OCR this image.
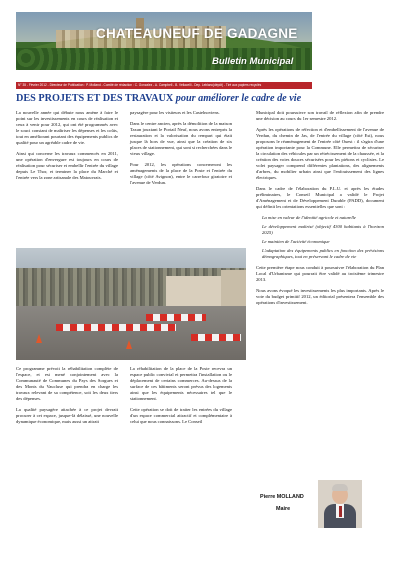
CHATEAUNEUF DE GADAGNE
Bulletin Municipal
N° 35 - Février 2012 - Directeur de Publication : P. Molland - Comité de rédaction : C. Gonzalez - A. Campbell - B. Veilacelli - Dep. Leblanc(dépôt) - Tiré aux papiers recyclés
DES PROJETS ET DES TRAVAUX pour améliorer le cadre de vie

La nouvelle année qui débute nous amène à faire le point sur les investissements en cours de réalisation et ceux à venir pour 2012, qui ont été programmés avec le souci constant de maîtriser les dépenses et les coûts, tout en améliorant pourtant des équipements publics de qualité pour un agréable cadre de vie.

Ainsi qui concerne les travaux commencés en 2011, une opération d'envergure est toujours en cours de réalisation pour sécuriser et embellir l'entrée du village depuis Le Thor, et terminer la place du Marché et l'entrée vers la zone artisanale des Matouvrais.

paysagère pour les visiteurs et les Castelnoviens.

Dans le centre ancien, après la démolition de la maison Taxan jouxtant le Portail Neuf, nous avons entrepris la restauration et la valorisation du rempart qui était jusque là hors de vue, ainsi que la création de six places de stationnement, qui sont si recherchées dans le vieux village.

Pour 2012, les opérations concerneront les aménagements de la place de la Poste et l'entrée du village (côté Avignon), entre le carrefour giratoire et l'avenue de Verdun.

Municipal doit poursuivre son travail de réflexion afin de prendre une décision au cours du 1er semestre 2012.

Après les opérations de réfection et d'embellissement de l'avenue de Verdun, du chemin de Jas, de l'entrée du village (côté Est), nous proposons le réaménagement de l'entrée côté Ouest : il s'agira d'une opération importante pour la Commune. Elle permettra de sécuriser la circulation des véhicules par un rétrécissement de la chaussée, et la création des voies douces sécurisées pour les piétons et cyclistes. Le volet paysager comprend différentes plantations, des alignements d'arbres, du mobilier urbain ainsi que l'enfouissement des lignes électriques.

Dans le cadre de l'élaboration du P.L.U. et après les études préliminaires, le Conseil Municipal a validé le Projet d'Aménagement et de Développement Durable (PADD), document qui définit les orientations essentielles que sont :

La mise en valeur de l'identité agricole et naturelle

Le développement maîtrisé (objectif 4300 habitants à l'horizon 2025)

Le maintien de l'activité économique

L'adaptation des équipements publics en fonction des prévisions démographiques, tout en préservant le cadre de vie

Cette première étape nous conduit à poursuivre l'élaboration du Plan Local d'Urbanisme qui pourrait être validé au troisième trimestre 2013.

Nous avons évoqué les investissements les plus importants. Après le vote du budget primitif 2012, un éditorial présentera l'ensemble des opérations d'investissement.

Ce programme prévoit la réhabilitation complète de l'espace, et est mené conjointement avec la Communauté de Communes du Pays des Sorgues et des Monts du Vaucluse qui prendra en charge les travaux relevant de sa compétence, soit les deux tiers des dépenses.

La qualité paysagère attachée à ce projet devrait procurer à cet espace, jusque-là délaissé, une nouvelle dynamique économique, mais aussi un attrait

La réhabilitation de la place de la Poste recevra un espace public convivial et permettra l'installation ou le déplacement de certains commerces. Au-dessus de la surface de ces bâtiments seront prévus des logements ainsi que les équipements nécessaires tel que le stationnement.

Cette opération se doit de traiter les entrées du village d'un espace commercial attractif et complémentaire à celui que nous connaissons. Le Conseil

Pierre MOLLAND
Maire
